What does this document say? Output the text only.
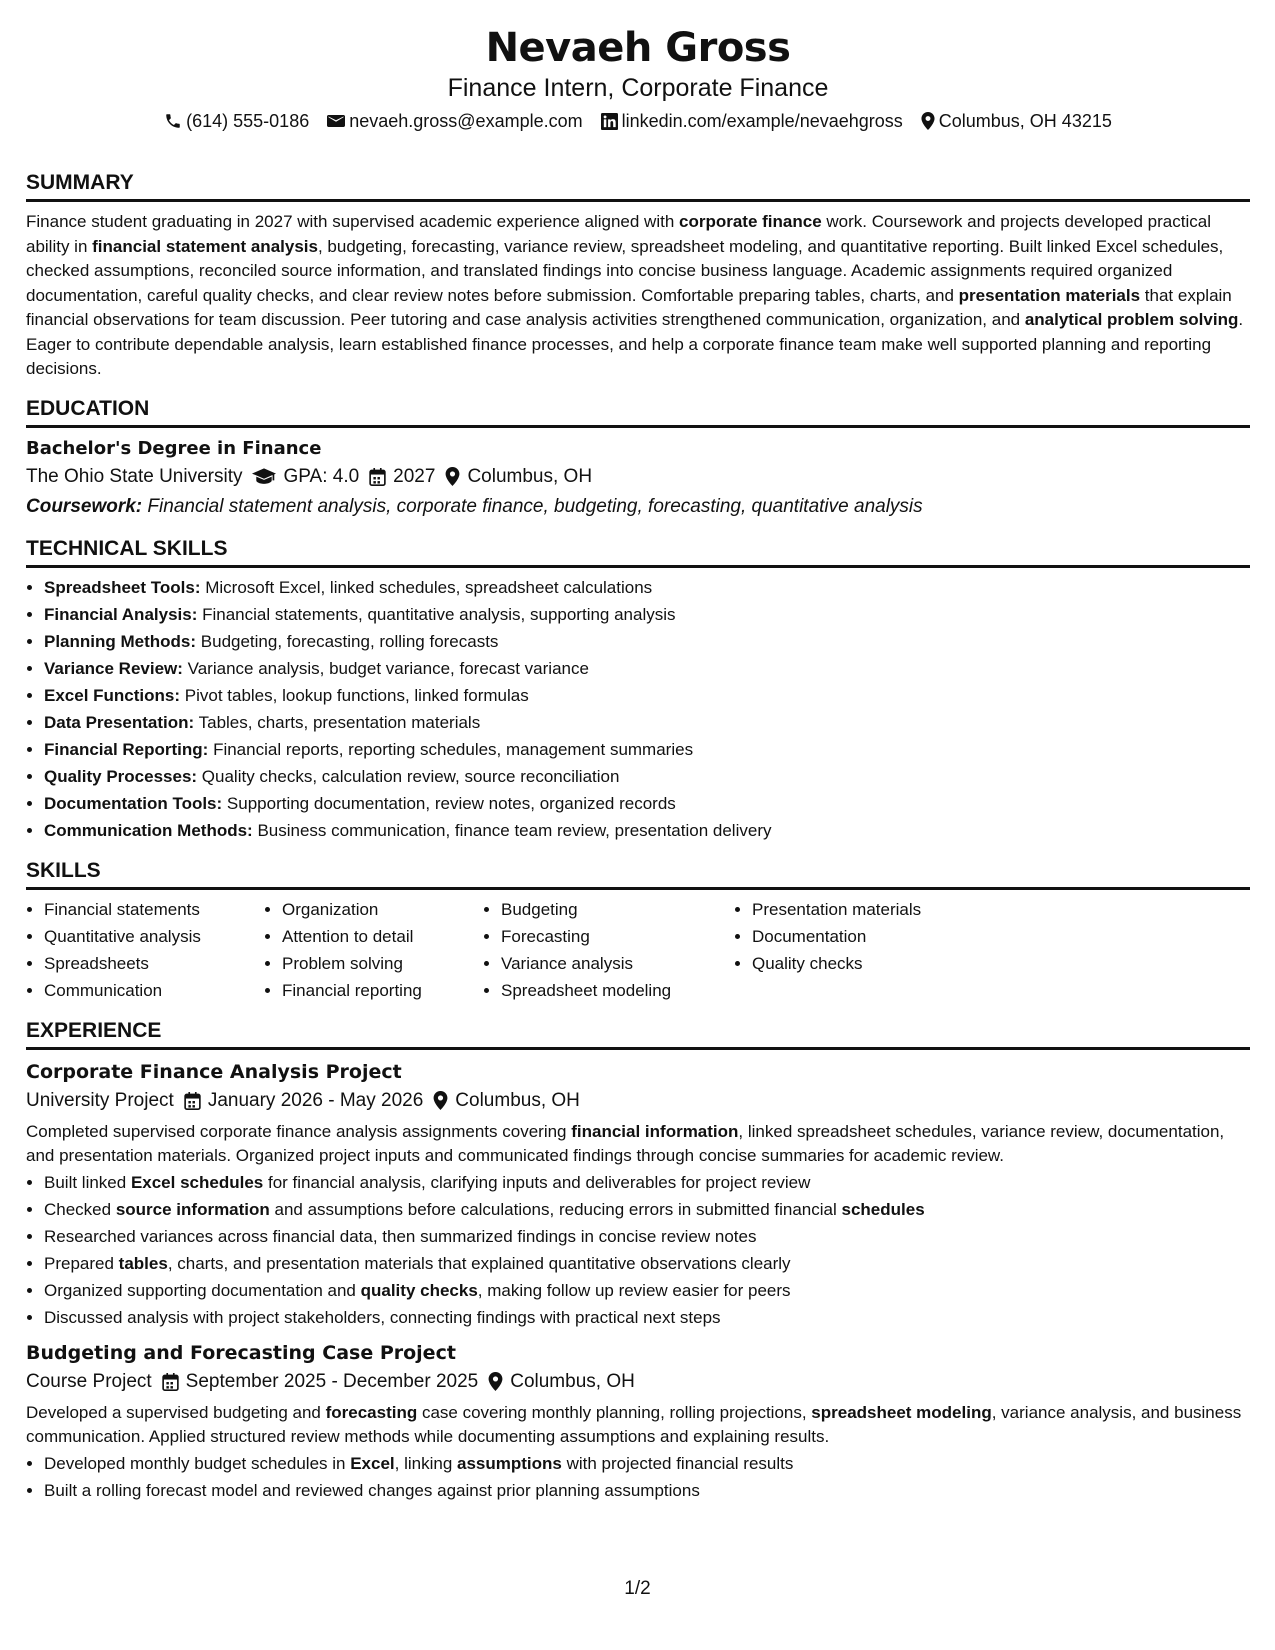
Nevaeh Gross
Finance Intern, Corporate Finance
(614) 555-0186 nevaeh.gross@example.com linkedin.com/example/nevaehgross Columbus, OH 43215
SUMMARY
Finance student graduating in 2027 with supervised academic experience aligned with corporate finance work. Coursework and projects developed practical ability in financial statement analysis, budgeting, forecasting, variance review, spreadsheet modeling, and quantitative reporting. Built linked Excel schedules, checked assumptions, reconciled source information, and translated findings into concise business language. Academic assignments required organized documentation, careful quality checks, and clear review notes before submission. Comfortable preparing tables, charts, and presentation materials that explain financial observations for team discussion. Peer tutoring and case analysis activities strengthened communication, organization, and analytical problem solving. Eager to contribute dependable analysis, learn established finance processes, and help a corporate finance team make well supported planning and reporting decisions.
EDUCATION
Bachelor's Degree in Finance
The Ohio State University GPA: 4.0 2027 Columbus, OH
Coursework: Financial statement analysis, corporate finance, budgeting, forecasting, quantitative analysis
TECHNICAL SKILLS
• Spreadsheet Tools: Microsoft Excel, linked schedules, spreadsheet calculations
• Financial Analysis: Financial statements, quantitative analysis, supporting analysis
• Planning Methods: Budgeting, forecasting, rolling forecasts
• Variance Review: Variance analysis, budget variance, forecast variance
• Excel Functions: Pivot tables, lookup functions, linked formulas
• Data Presentation: Tables, charts, presentation materials
• Financial Reporting: Financial reports, reporting schedules, management summaries
• Quality Processes: Quality checks, calculation review, source reconciliation
• Documentation Tools: Supporting documentation, review notes, organized records
• Communication Methods: Business communication, finance team review, presentation delivery
SKILLS
• Financial statements
• Quantitative analysis
• Spreadsheets
• Communication
• Organization
• Attention to detail
• Problem solving
• Financial reporting
• Budgeting
• Forecasting
• Variance analysis
• Spreadsheet modeling
• Presentation materials
• Documentation
• Quality checks
EXPERIENCE
Corporate Finance Analysis Project
University Project January 2026 - May 2026 Columbus, OH
Completed supervised corporate finance analysis assignments covering financial information, linked spreadsheet schedules, variance review, documentation, and presentation materials. Organized project inputs and communicated findings through concise summaries for academic review.
• Built linked Excel schedules for financial analysis, clarifying inputs and deliverables for project review
• Checked source information and assumptions before calculations, reducing errors in submitted financial schedules
• Researched variances across financial data, then summarized findings in concise review notes
• Prepared tables, charts, and presentation materials that explained quantitative observations clearly
• Organized supporting documentation and quality checks, making follow up review easier for peers
• Discussed analysis with project stakeholders, connecting findings with practical next steps
Budgeting and Forecasting Case Project
Course Project September 2025 - December 2025 Columbus, OH
Developed a supervised budgeting and forecasting case covering monthly planning, rolling projections, spreadsheet modeling, variance analysis, and business communication. Applied structured review methods while documenting assumptions and explaining results.
• Developed monthly budget schedules in Excel, linking assumptions with projected financial results
• Built a rolling forecast model and reviewed changes against prior planning assumptions
1/2
